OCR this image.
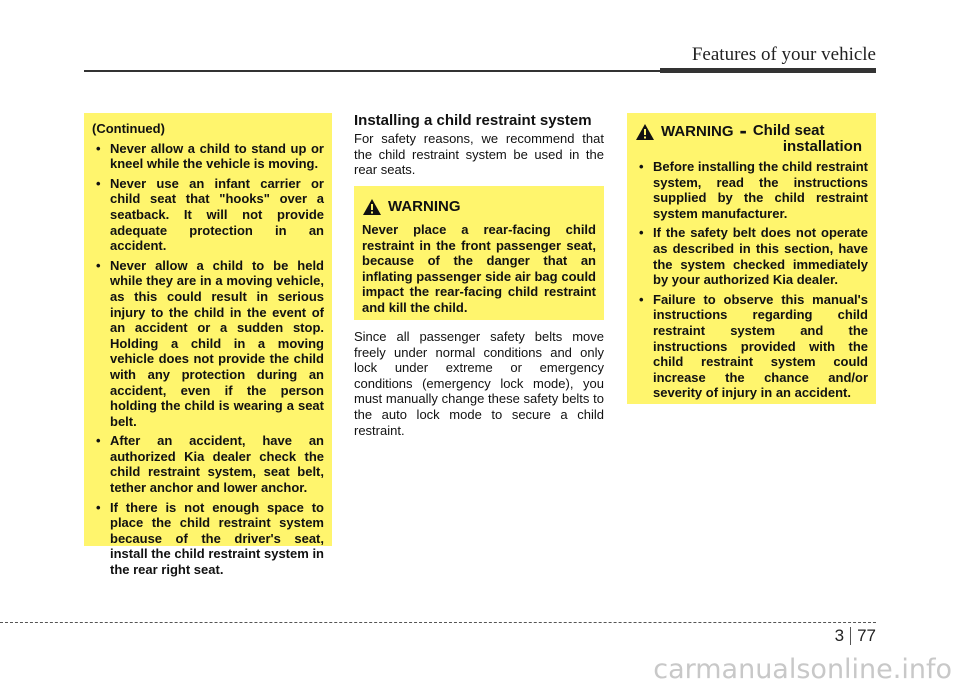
Features of your vehicle
(Continued)
• Never allow a child to stand up or kneel while the vehicle is moving.
• Never use an infant carrier or child seat that "hooks" over a seatback. It will not provide adequate protection in an accident.
• Never allow a child to be held while they are in a moving vehicle, as this could result in serious injury to the child in the event of an accident or a sudden stop. Holding a child in a moving vehicle does not provide the child with any protection during an accident, even if the person holding the child is wearing a seat belt.
• After an accident, have an authorized Kia dealer check the child restraint system, seat belt, tether anchor and lower anchor.
• If there is not enough space to place the child restraint system because of the driver's seat, install the child restraint system in the rear right seat.
Installing a child restraint system
For safety reasons, we recommend that the child restraint system be used in the rear seats.
WARNING
Never place a rear-facing child restraint in the front passenger seat, because of the danger that an inflating passenger side air bag could impact the rear-facing child restraint and kill the child.
Since all passenger safety belts move freely under normal conditions and only lock under extreme or emergency conditions (emergency lock mode), you must manually change these safety belts to the auto lock mode to secure a child restraint.
WARNING - Child seat
installation
• Before installing the child restraint system, read the instructions supplied by the child restraint system manufacturer.
• If the safety belt does not operate as described in this section, have the system checked immediately by your authorized Kia dealer.
• Failure to observe this manual's instructions regarding child restraint system and the instructions provided with the child restraint system could increase the chance and/or severity of injury in an accident.
3 77
carmanualsonline.info
